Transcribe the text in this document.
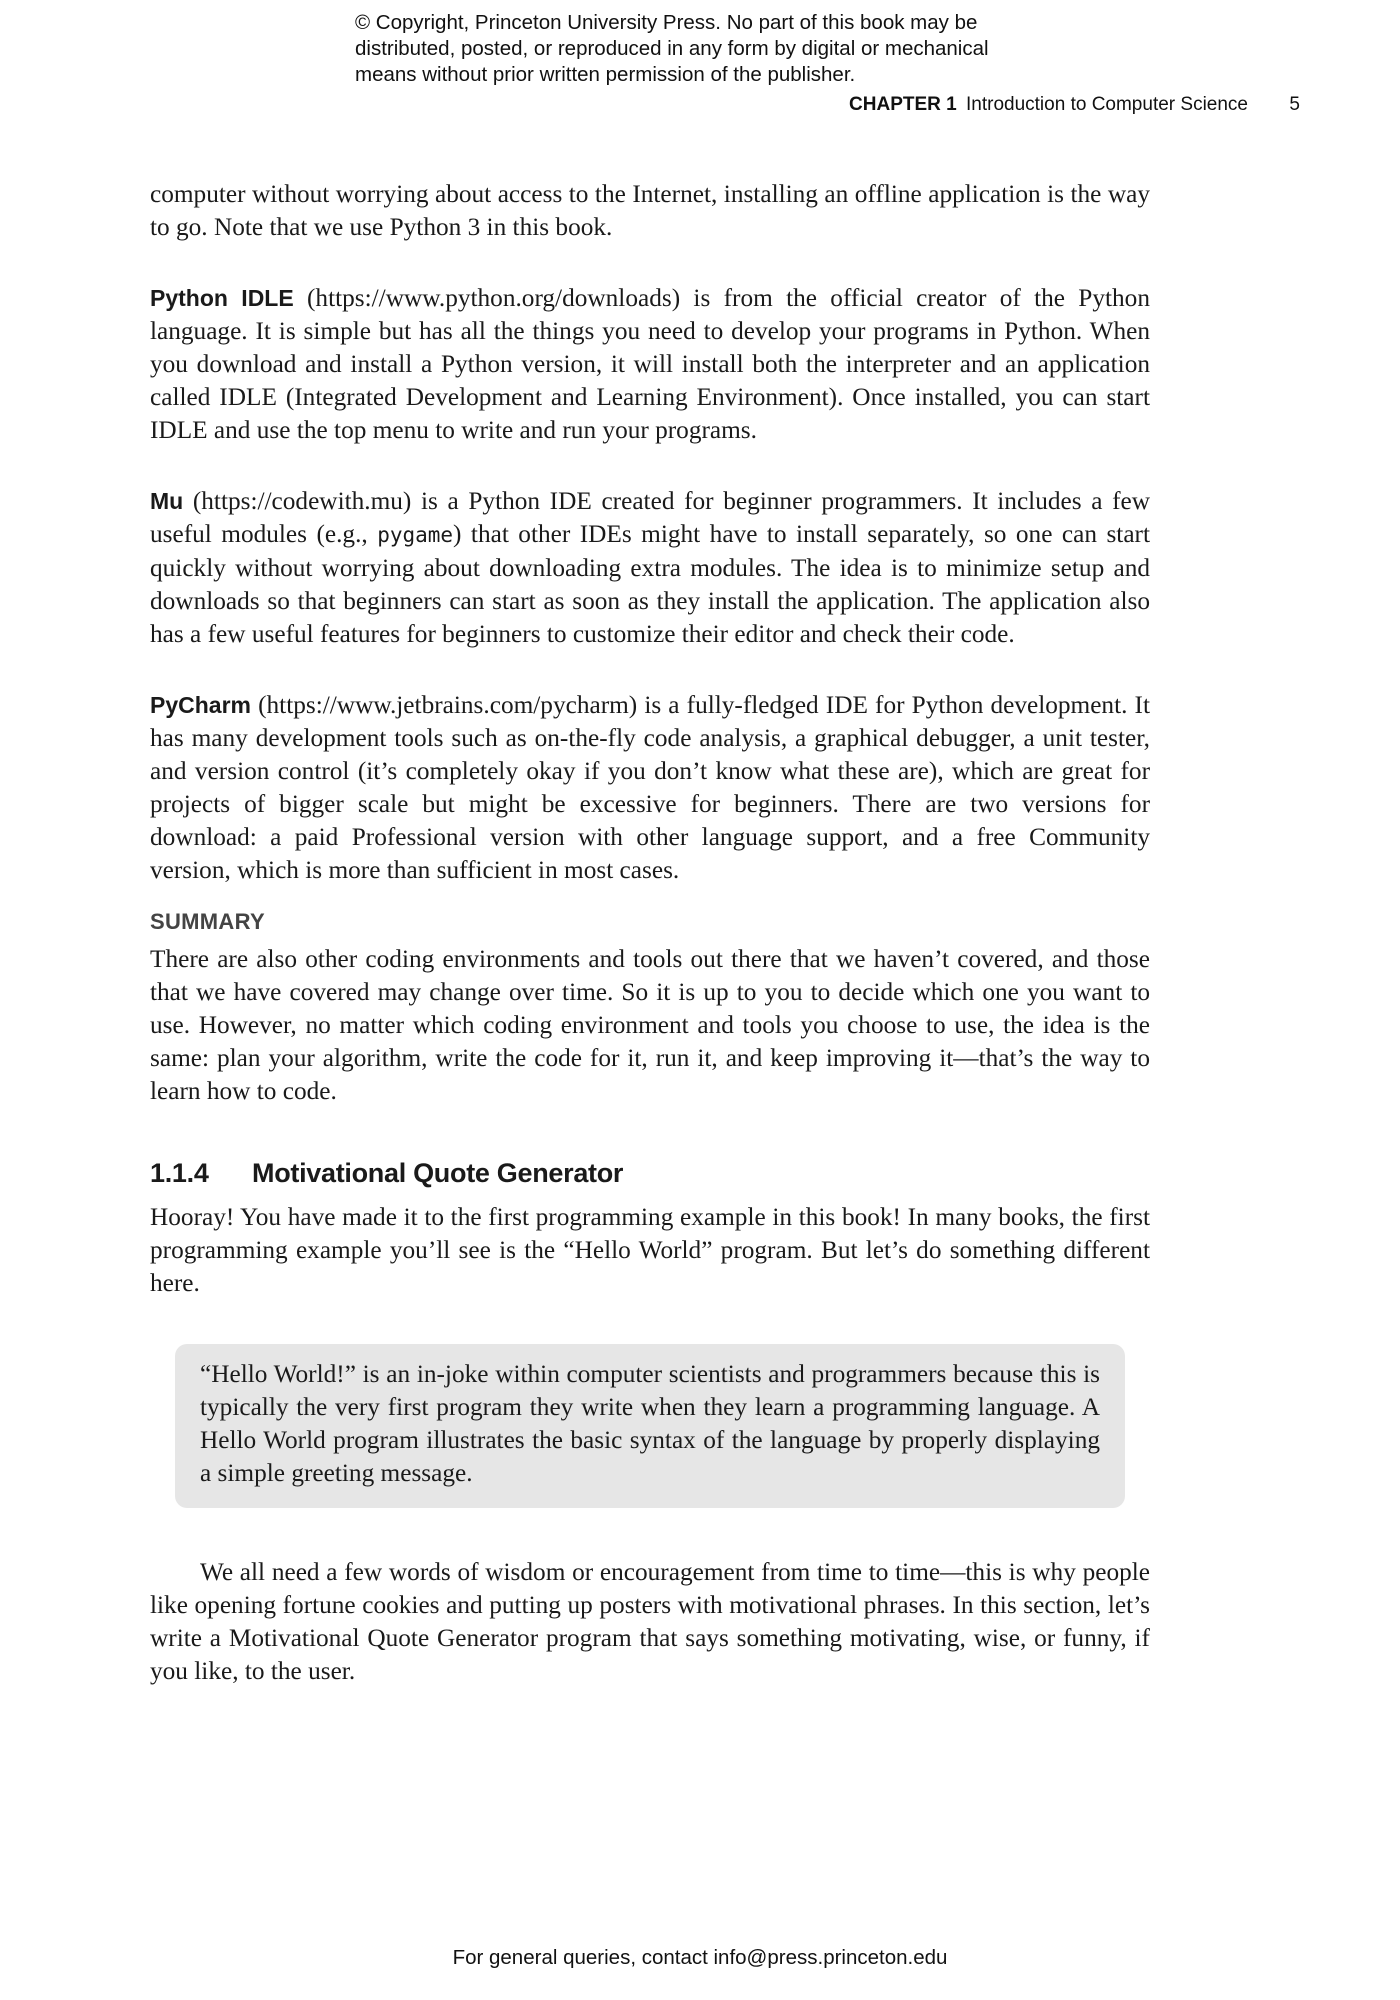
© Copyright, Princeton University Press. No part of this book may be
distributed, posted, or reproduced in any form by digital or mechanical
means without prior written permission of the publisher.
CHAPTER 1 Introduction to Computer Science 5

computer without worrying about access to the Internet, installing an offline application is the way to go. Note that we use Python 3 in this book.

Python IDLE (https://www.python.org/downloads) is from the official creator of the Python language. It is simple but has all the things you need to develop your programs in Python. When you download and install a Python version, it will install both the interpreter and an application called IDLE (Integrated Development and Learning Environment). Once installed, you can start IDLE and use the top menu to write and run your programs.

Mu (https://codewith.mu) is a Python IDE created for beginner programmers. It includes a few useful modules (e.g., pygame) that other IDEs might have to install separately, so one can start quickly without worrying about downloading extra modules. The idea is to minimize setup and downloads so that beginners can start as soon as they install the application. The application also has a few useful features for beginners to customize their editor and check their code.

PyCharm (https://www.jetbrains.com/pycharm) is a fully-fledged IDE for Python development. It has many development tools such as on-the-fly code analysis, a graphical debugger, a unit tester, and version control (it’s completely okay if you don’t know what these are), which are great for projects of bigger scale but might be excessive for beginners. There are two versions for download: a paid Professional version with other language support, and a free Community version, which is more than sufficient in most cases.

SUMMARY

There are also other coding environments and tools out there that we haven’t covered, and those that we have covered may change over time. So it is up to you to decide which one you want to use. However, no matter which coding environment and tools you choose to use, the idea is the same: plan your algorithm, write the code for it, run it, and keep improving it—that’s the way to learn how to code.

1.1.4 Motivational Quote Generator

Hooray! You have made it to the first programming example in this book! In many books, the first programming example you’ll see is the “Hello World” program. But let’s do something different here.

“Hello World!” is an in-joke within computer scientists and programmers because this is typically the very first program they write when they learn a programming language. A Hello World program illustrates the basic syntax of the language by properly displaying a simple greeting message.

We all need a few words of wisdom or encouragement from time to time—this is why people like opening fortune cookies and putting up posters with motivational phrases. In this section, let’s write a Motivational Quote Generator program that says something motivating, wise, or funny, if you like, to the user.

For general queries, contact info@press.princeton.edu
